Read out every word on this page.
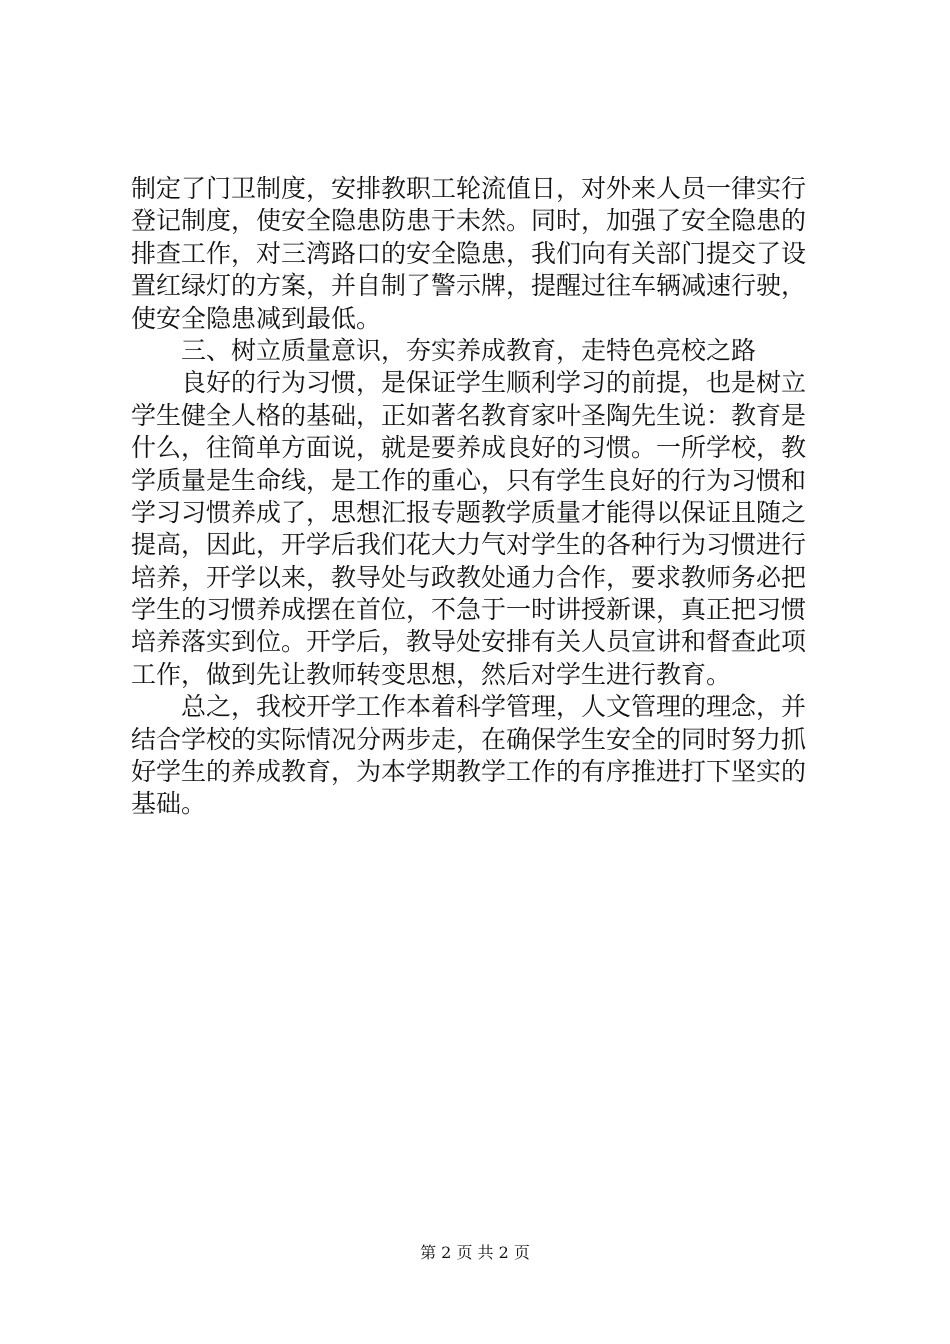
制定了门卫制度，安排教职工轮流值日，对外来人员一律实行
登记制度，使安全隐患防患于未然。同时，加强了安全隐患的
排查工作，对三湾路口的安全隐患，我们向有关部门提交了设
置红绿灯的方案，并自制了警示牌，提醒过往车辆减速行驶，
使安全隐患减到最低。
　　三、树立质量意识，夯实养成教育，走特色亮校之路
　　良好的行为习惯，是保证学生顺利学习的前提，也是树立
学生健全人格的基础，正如著名教育家叶圣陶先生说：教育是
什么，往简单方面说，就是要养成良好的习惯。一所学校，教
学质量是生命线，是工作的重心，只有学生良好的行为习惯和
学习习惯养成了，思想汇报专题教学质量才能得以保证且随之
提高，因此，开学后我们花大力气对学生的各种行为习惯进行
培养，开学以来，教导处与政教处通力合作，要求教师务必把
学生的习惯养成摆在首位，不急于一时讲授新课，真正把习惯
培养落实到位。开学后，教导处安排有关人员宣讲和督查此项
工作，做到先让教师转变思想，然后对学生进行教育。
　　总之，我校开学工作本着科学管理，人文管理的理念，并
结合学校的实际情况分两步走，在确保学生安全的同时努力抓
好学生的养成教育，为本学期教学工作的有序推进打下坚实的
基础。
第 2 页 共 2 页
